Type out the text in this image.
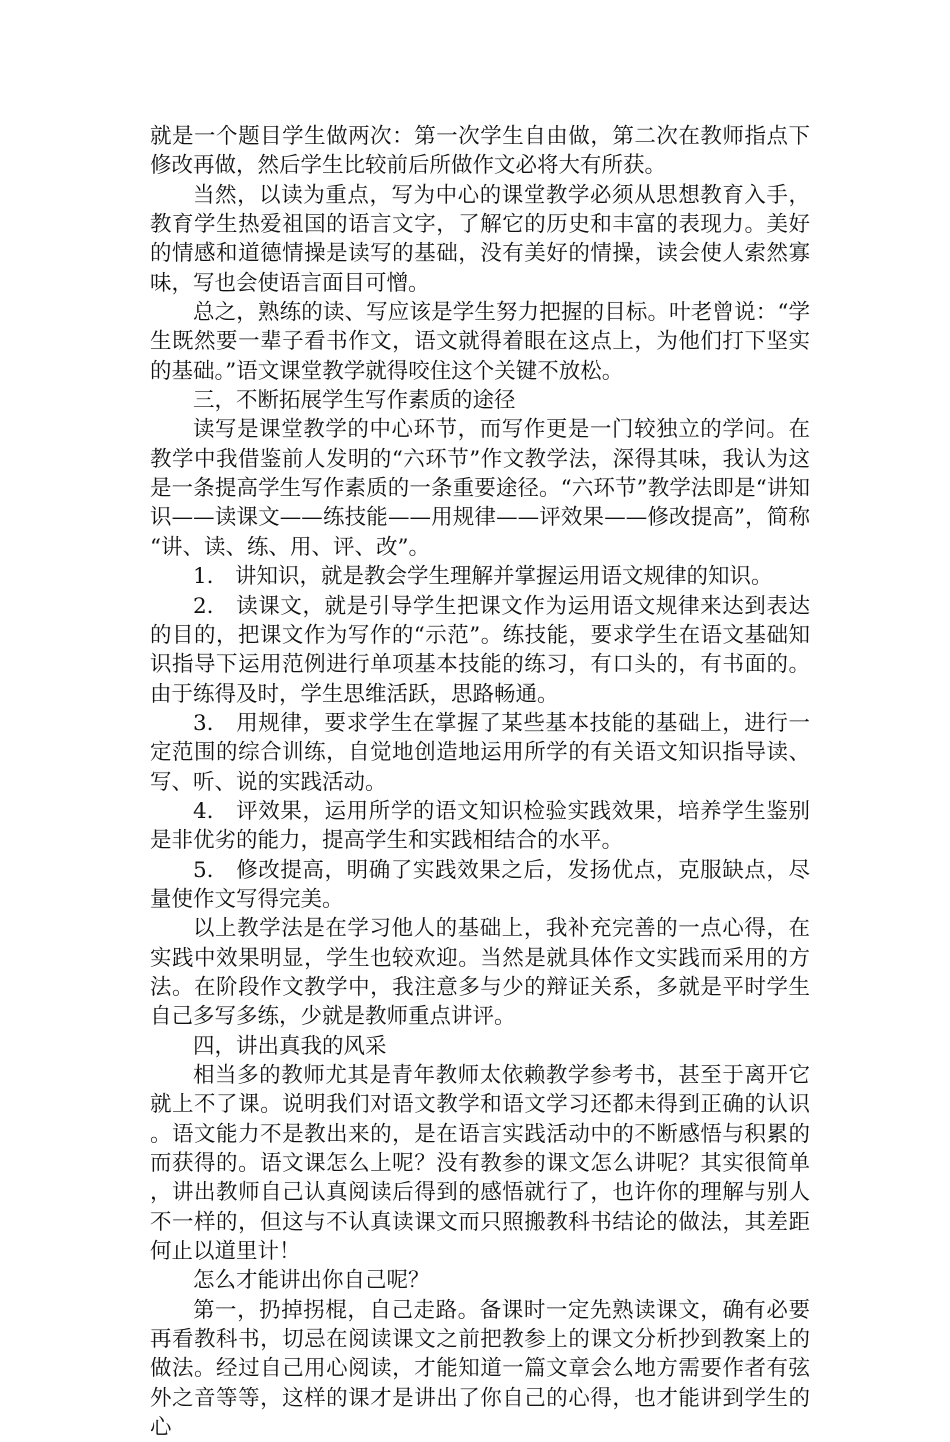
就是一个题目学生做两次：第一次学生自由做，第二次在教师指点下修改再做，然后学生比较前后所做作文必将大有所获。

当然，以读为重点，写为中心的课堂教学必须从思想教育入手，教育学生热爱祖国的语言文字，了解它的历史和丰富的表现力。美好的情感和道德情操是读写的基础，没有美好的情操，读会使人索然寡味，写也会使语言面目可憎。

总之，熟练的读、写应该是学生努力把握的目标。叶老曾说：“学生既然要一辈子看书作文，语文就得着眼在这点上，为他们打下坚实的基础。”语文课堂教学就得咬住这个关键不放松。

三，不断拓展学生写作素质的途径

读写是课堂教学的中心环节，而写作更是一门较独立的学问。在教学中我借鉴前人发明的“六环节”作文教学法，深得其味，我认为这是一条提高学生写作素质的一条重要途径。“六环节”教学法即是“讲知识——读课文——练技能——用规律——评效果——修改提高”，简称“讲、读、练、用、评、改”。

1.　讲知识，就是教会学生理解并掌握运用语文规律的知识。

2.　读课文，就是引导学生把课文作为运用语文规律来达到表达的目的，把课文作为写作的“示范”。练技能，要求学生在语文基础知识指导下运用范例进行单项基本技能的练习，有口头的，有书面的。由于练得及时，学生思维活跃，思路畅通。

3.　用规律，要求学生在掌握了某些基本技能的基础上，进行一定范围的综合训练，自觉地创造地运用所学的有关语文知识指导读、写、听、说的实践活动。

4.　评效果，运用所学的语文知识检验实践效果，培养学生鉴别是非优劣的能力，提高学生和实践相结合的水平。

5.　修改提高，明确了实践效果之后，发扬优点，克服缺点，尽量使作文写得完美。

以上教学法是在学习他人的基础上，我补充完善的一点心得，在实践中效果明显，学生也较欢迎。当然是就具体作文实践而采用的方法。在阶段作文教学中，我注意多与少的辩证关系，多就是平时学生自己多写多练，少就是教师重点讲评。

四，讲出真我的风采

相当多的教师尤其是青年教师太依赖教学参考书，甚至于离开它就上不了课。说明我们对语文教学和语文学习还都未得到正确的认识。语文能力不是教出来的，是在语言实践活动中的不断感悟与积累的而获得的。语文课怎么上呢？没有教参的课文怎么讲呢？其实很简单，讲出教师自己认真阅读后得到的感悟就行了，也许你的理解与别人不一样的，但这与不认真读课文而只照搬教科书结论的做法，其差距何止以道里计！

怎么才能讲出你自己呢？

第一，扔掉拐棍，自己走路。备课时一定先熟读课文，确有必要再看教科书，切忌在阅读课文之前把教参上的课文分析抄到教案上的做法。经过自己用心阅读，才能知道一篇文章会么地方需要作者有弦外之音等等，这样的课才是讲出了你自己的心得，也才能讲到学生的心
